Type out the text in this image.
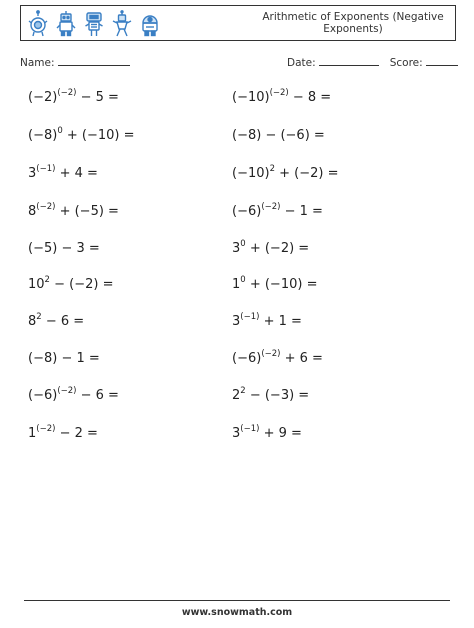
Arithmetic of Exponents (Negative Exponents)
Name:	Date:	Score:
$(-2)^{(-2)} - 5$ =
$(-8)^0 + (-10)$ =
$3^{(-1)} + 4$ =
$8^{(-2)} + (-5)$ =
(−5) − 3 =
$10^2 - (-2)$ =
$8^2 - 6$ =
(−8) − 1 =
$(-6)^{(-2)} - 6$ =
$1^{(-2)} - 2$ =
$(-10)^{(-2)} - 8$ =
(−8) − (−6) =
$(-10)^2 + (-2)$ =
$(-6)^{(-2)} - 1$ =
$3^0 + (-2)$ =
$1^0 + (-10)$ =
$3^{(-1)} + 1$ =
$(-6)^{(-2)} + 6$ =
$2^2 - (-3)$ =
$3^{(-1)} + 9$ =
www.snowmath.com
